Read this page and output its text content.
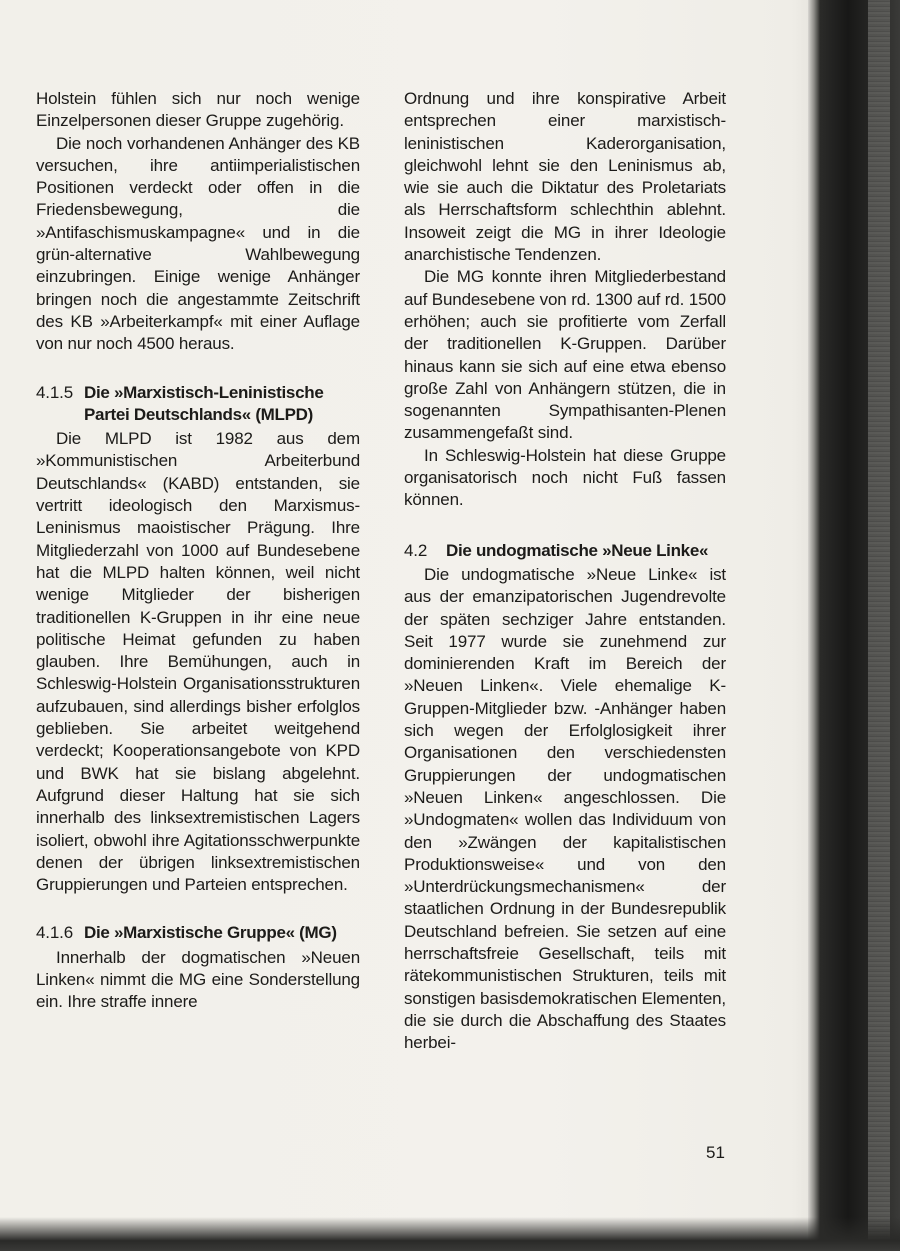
Holstein fühlen sich nur noch wenige Einzelpersonen dieser Gruppe zugehörig.

Die noch vorhandenen Anhänger des KB versuchen, ihre antiimperialistischen Positionen verdeckt oder offen in die Friedensbewegung, die »Antifaschismuskampagne« und in die grün-alternative Wahlbewegung einzubringen. Einige wenige Anhänger bringen noch die angestammte Zeitschrift des KB »Arbeiterkampf« mit einer Auflage von nur noch 4500 heraus.

4.1.5 Die »Marxistisch-Leninistische Partei Deutschlands« (MLPD)

Die MLPD ist 1982 aus dem »Kommunistischen Arbeiterbund Deutschlands« (KABD) entstanden, sie vertritt ideologisch den Marxismus-Leninismus maoistischer Prägung. Ihre Mitgliederzahl von 1000 auf Bundesebene hat die MLPD halten können, weil nicht wenige Mitglieder der bisherigen traditionellen K-Gruppen in ihr eine neue politische Heimat gefunden zu haben glauben. Ihre Bemühungen, auch in Schleswig-Holstein Organisationsstrukturen aufzubauen, sind allerdings bisher erfolglos geblieben. Sie arbeitet weitgehend verdeckt; Kooperationsangebote von KPD und BWK hat sie bislang abgelehnt. Aufgrund dieser Haltung hat sie sich innerhalb des linksextremistischen Lagers isoliert, obwohl ihre Agitationsschwerpunkte denen der übrigen linksextremistischen Gruppierungen und Parteien entsprechen.

4.1.6 Die »Marxistische Gruppe« (MG)

Innerhalb der dogmatischen »Neuen Linken« nimmt die MG eine Sonderstellung ein. Ihre straffe innere

Ordnung und ihre konspirative Arbeit entsprechen einer marxistisch-leninistischen Kaderorganisation, gleichwohl lehnt sie den Leninismus ab, wie sie auch die Diktatur des Proletariats als Herrschaftsform schlechthin ablehnt. Insoweit zeigt die MG in ihrer Ideologie anarchistische Tendenzen.

Die MG konnte ihren Mitgliederbestand auf Bundesebene von rd. 1300 auf rd. 1500 erhöhen; auch sie profitierte vom Zerfall der traditionellen K-Gruppen. Darüber hinaus kann sie sich auf eine etwa ebenso große Zahl von Anhängern stützen, die in sogenannten Sympathisanten-Plenen zusammengefaßt sind.

In Schleswig-Holstein hat diese Gruppe organisatorisch noch nicht Fuß fassen können.

4.2	Die undogmatische »Neue Linke«

Die undogmatische »Neue Linke« ist aus der emanzipatorischen Jugendrevolte der späten sechziger Jahre entstanden. Seit 1977 wurde sie zunehmend zur dominierenden Kraft im Bereich der »Neuen Linken«. Viele ehemalige K-Gruppen-Mitglieder bzw. -Anhänger haben sich wegen der Erfolglosigkeit ihrer Organisationen den verschiedensten Gruppierungen der undogmatischen »Neuen Linken« angeschlossen. Die »Undogmaten« wollen das Individuum von den »Zwängen der kapitalistischen Produktionsweise« und von den »Unterdrückungsmechanismen« der staatlichen Ordnung in der Bundesrepublik Deutschland befreien. Sie setzen auf eine herrschaftsfreie Gesellschaft, teils mit rätekommunistischen Strukturen, teils mit sonstigen basisdemokratischen Elementen, die sie durch die Abschaffung des Staates herbei-

51
